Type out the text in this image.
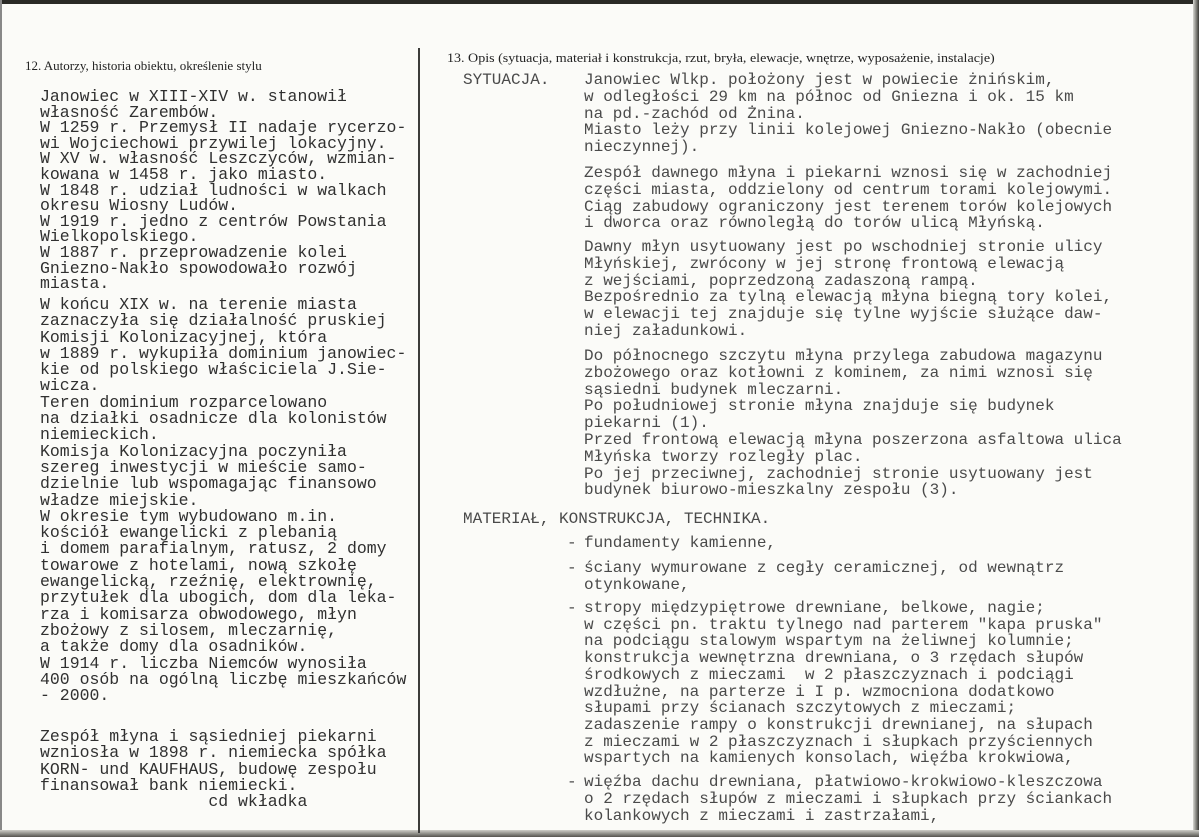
12. Autorzy, historia obiektu, określenie stylu

Janowiec w XIII-XIV w. stanowił
własność Zarembów.
W 1259 r. Przemysł II nadaje rycerzo-
wi Wojciechowi przywilej lokacyjny.
W XV w. własność Leszczyców, wzmian-
kowana w 1458 r. jako miasto.
W 1848 r. udział ludności w walkach
okresu Wiosny Ludów.
W 1919 r. jedno z centrów Powstania
Wielkopolskiego.
W 1887 r. przeprowadzenie kolei
Gniezno-Nakło spowodowało rozwój
miasta.

W końcu XIX w. na terenie miasta
zaznaczyła się działalność pruskiej
Komisji Kolonizacyjnej, która
w 1889 r. wykupiła dominium janowiec-
kie od polskiego właściciela J.Sie-
wicza.
Teren dominium rozparcelowano
na działki osadnicze dla kolonistów
niemieckich.
Komisja Kolonizacyjna poczyniła
szereg inwestycji w mieście samo-
dzielnie lub wspomagając finansowo
władze miejskie.
W okresie tym wybudowano m.in.
kościół ewangelicki z plebanią
i domem parafialnym, ratusz, 2 domy
towarowe z hotelami, nową szkołę
ewangelicką, rzeźnię, elektrownię,
przytułek dla ubogich, dom dla leka-
rza i komisarza obwodowego, młyn
zbożowy z silosem, mleczarnię,
a także domy dla osadników.
W 1914 r. liczba Niemców wynosiła
400 osób na ogólną liczbę mieszkańców
- 2000.

Zespół młyna i sąsiedniej piekarni
wzniosła w 1898 r. niemiecka spółka
KORN- und KAUFHAUS, budowę zespołu
finansował bank niemiecki.
cd wkładka

13. Opis (sytuacja, materiał i konstrukcja, rzut, bryła, elewacje, wnętrze, wyposażenie, instalacje)
SYTUACJA. Janowiec Wlkp. położony jest w powiecie żnińskim,
w odległości 29 km na północ od Gniezna i ok. 15 km
na pd.-zachód od Żnina.
Miasto leży przy linii kolejowej Gniezno-Nakło (obecnie
nieczynnej).

Zespół dawnego młyna i piekarni wznosi się w zachodniej
części miasta, oddzielony od centrum torami kolejowymi.
Ciąg zabudowy ograniczony jest terenem torów kolejowych
i dworca oraz równoległą do torów ulicą Młyńską.

Dawny młyn usytuowany jest po wschodniej stronie ulicy
Młyńskiej, zwrócony w jej stronę frontową elewacją
z wejściami, poprzedzoną zadaszoną rampą.
Bezpośrednio za tylną elewacją młyna biegną tory kolei,
w elewacji tej znajduje się tylne wyjście służące daw-
niej załadunkowi.

Do północnego szczytu młyna przylega zabudowa magazynu
zbożowego oraz kotłowni z kominem, za nimi wznosi się
sąsiedni budynek mleczarni.
Po południowej stronie młyna znajduje się budynek
piekarni (1).
Przed frontową elewacją młyna poszerzona asfaltowa ulica
Młyńska tworzy rozległy plac.
Po jej przeciwnej, zachodniej stronie usytuowany jest
budynek biurowo-mieszkalny zespołu (3).

MATERIAŁ, KONSTRUKCJA, TECHNIKA.
- fundamenty kamienne,

- ściany wymurowane z cegły ceramicznej, od wewnątrz
otynkowane,

- stropy międzypiętrowe drewniane, belkowe, nagie;
w części pn. traktu tylnego nad parterem "kapa pruska"
na podciągu stalowym wspartym na żeliwnej kolumnie;
konstrukcja wewnętrzna drewniana, o 3 rzędach słupów
środkowych z mieczami  w 2 płaszczyznach i podciągi
wzdłużne, na parterze i I p. wzmocniona dodatkowo
słupami przy ścianach szczytowych z mieczami;
zadaszenie rampy o konstrukcji drewnianej, na słupach
z mieczami w 2 płaszczyznach i słupkach przyściennych
wspartych na kamienych konsolach, więźba krokwiowa,

- więźba dachu drewniana, płatwiowo-krokwiowo-kleszczowa
o 2 rzędach słupów z mieczami i słupkach przy ściankach
kolankowych z mieczami i zastrzałami,
